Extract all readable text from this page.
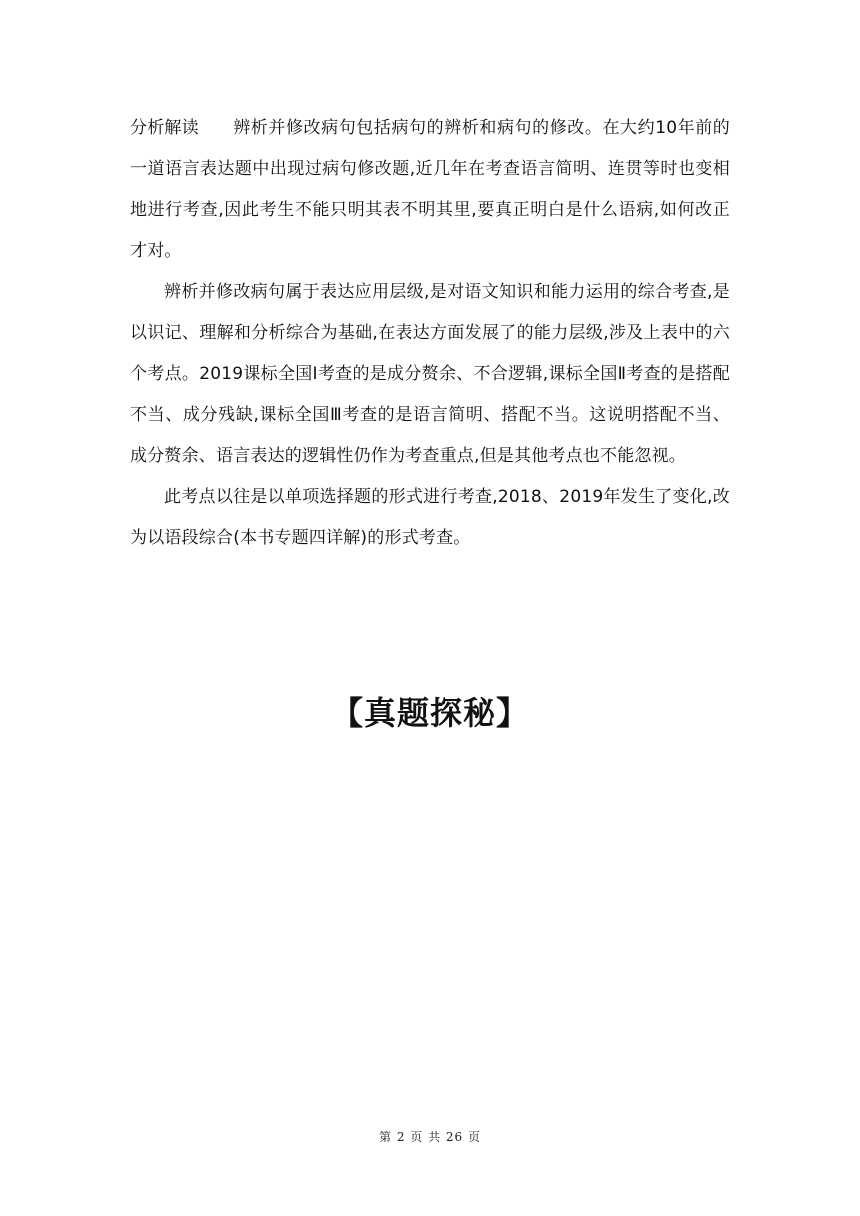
分析解读 辨析并修改病句包括病句的辨析和病句的修改。在大约10年前的一道语言表达题中出现过病句修改题,近几年在考查语言简明、连贯等时也变相地进行考查,因此考生不能只明其表不明其里,要真正明白是什么语病,如何改正才对。

辨析并修改病句属于表达应用层级,是对语文知识和能力运用的综合考查,是以识记、理解和分析综合为基础,在表达方面发展了的能力层级,涉及上表中的六个考点。2019课标全国Ⅰ考查的是成分赘余、不合逻辑,课标全国Ⅱ考查的是搭配不当、成分残缺,课标全国Ⅲ考查的是语言简明、搭配不当。这说明搭配不当、成分赘余、语言表达的逻辑性仍作为考查重点,但是其他考点也不能忽视。

此考点以往是以单项选择题的形式进行考查,2018、2019年发生了变化,改为以语段综合(本书专题四详解)的形式考查。

【真题探秘】
第 2 页 共 26 页
